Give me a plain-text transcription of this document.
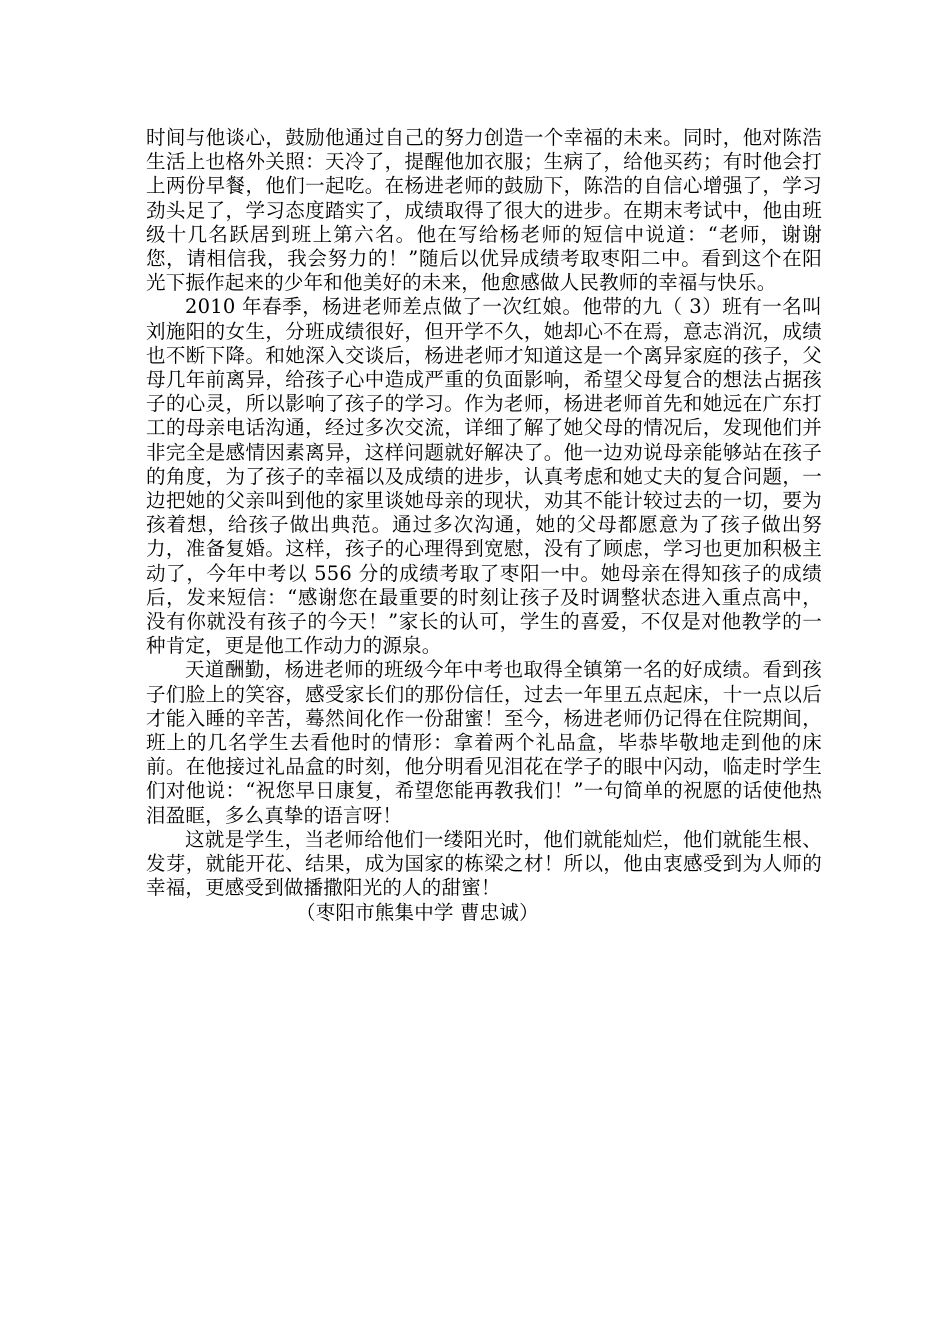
时间与他谈心，鼓励他通过自己的努力创造一个幸福的未来。同时，他对陈浩生活上也格外关照：天冷了，提醒他加衣服；生病了，给他买药；有时他会打上两份早餐，他们一起吃。在杨进老师的鼓励下，陈浩的自信心增强了，学习劲头足了，学习态度踏实了，成绩取得了很大的进步。在期末考试中，他由班级十几名跃居到班上第六名。他在写给杨老师的短信中说道：“老师，谢谢您，请相信我，我会努力的！”随后以优异成绩考取枣阳二中。看到这个在阳光下振作起来的少年和他美好的未来，他愈感做人民教师的幸福与快乐。

2010 年春季，杨进老师差点做了一次红娘。他带的九（ 3）班有一名叫刘施阳的女生，分班成绩很好，但开学不久，她却心不在焉，意志消沉，成绩也不断下降。和她深入交谈后，杨进老师才知道这是一个离异家庭的孩子，父母几年前离异，给孩子心中造成严重的负面影响，希望父母复合的想法占据孩子的心灵，所以影响了孩子的学习。作为老师，杨进老师首先和她远在广东打工的母亲电话沟通，经过多次交流，详细了解了她父母的情况后，发现他们并非完全是感情因素离异，这样问题就好解决了。他一边劝说母亲能够站在孩子的角度，为了孩子的幸福以及成绩的进步，认真考虑和她丈夫的复合问题，一边把她的父亲叫到他的家里谈她母亲的现状，劝其不能计较过去的一切，要为孩着想，给孩子做出典范。通过多次沟通，她的父母都愿意为了孩子做出努力，准备复婚。这样，孩子的心理得到宽慰，没有了顾虑，学习也更加积极主动了，今年中考以 556 分的成绩考取了枣阳一中。她母亲在得知孩子的成绩后，发来短信：“感谢您在最重要的时刻让孩子及时调整状态进入重点高中，没有你就没有孩子的今天！”家长的认可，学生的喜爱，不仅是对他教学的一种肯定，更是他工作动力的源泉。

天道酬勤，杨进老师的班级今年中考也取得全镇第一名的好成绩。看到孩子们脸上的笑容，感受家长们的那份信任，过去一年里五点起床，十一点以后才能入睡的辛苦，蓦然间化作一份甜蜜！至今，杨进老师仍记得在住院期间，班上的几名学生去看他时的情形：拿着两个礼品盒，毕恭毕敬地走到他的床前。在他接过礼品盒的时刻，他分明看见泪花在学子的眼中闪动，临走时学生们对他说：“祝您早日康复，希望您能再教我们！”一句简单的祝愿的话使他热泪盈眶，多么真挚的语言呀！

这就是学生，当老师给他们一缕阳光时，他们就能灿烂，他们就能生根、发芽，就能开花、结果，成为国家的栋梁之材！所以，他由衷感受到为人师的幸福，更感受到做播撒阳光的人的甜蜜！

（枣阳市熊集中学 曹忠诚）
